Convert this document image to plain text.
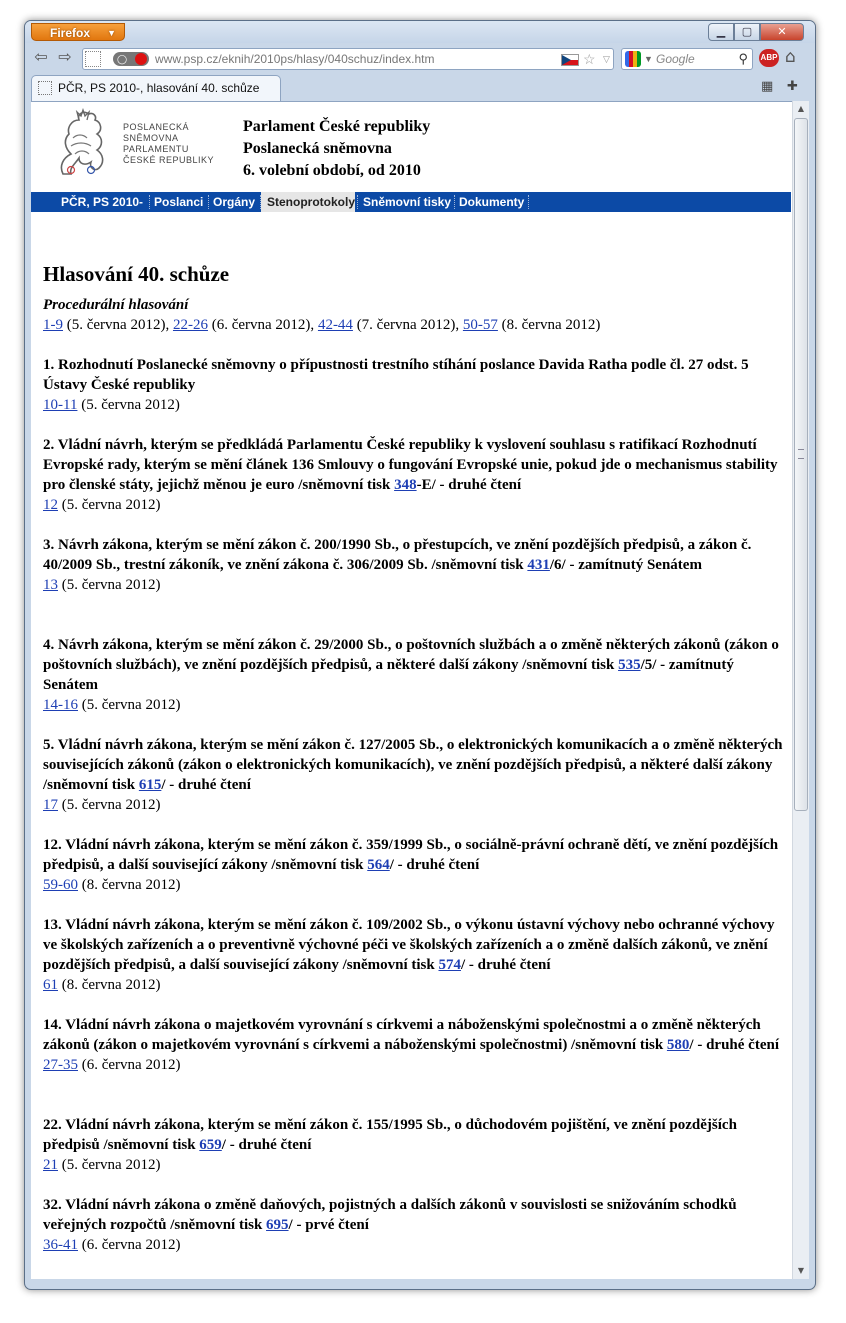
Firefox ▼	▁	▢	✕
⇦ ⇨	◯	www.psp.cz/eknih/2010ps/hlasy/040schuz/index.htm	☆ ▽	▼ Google	⚲ ABP ⌂
PČR, PS 2010-, hlasování 40. schůze	▦ ✚
POSLANECKÁ
SNĚMOVNA
PARLAMENTU
ČESKÉ REPUBLIKY
Parlament České republiky
Poslanecká sněmovna
6. volební období, od 2010
PČR, PS 2010- Poslanci Orgány Stenoprotokoly Sněmovní tisky Dokumenty
Hlasování 40. schůze
Procedurální hlasování
1-9 (5. června 2012), 22-26 (6. června 2012), 42-44 (7. června 2012), 50-57 (8. června 2012)
1. Rozhodnutí Poslanecké sněmovny o přípustnosti trestního stíhání poslance Davida Ratha podle čl. 27 odst. 5 Ústavy České republiky
10-11 (5. června 2012)
2. Vládní návrh, kterým se předkládá Parlamentu České republiky k vyslovení souhlasu s ratifikací Rozhodnutí Evropské rady, kterým se mění článek 136 Smlouvy o fungování Evropské unie, pokud jde o mechanismus stability pro členské státy, jejichž měnou je euro /sněmovní tisk 348-E/ - druhé čtení
12 (5. června 2012)
3. Návrh zákona, kterým se mění zákon č. 200/1990 Sb., o přestupcích, ve znění pozdějších předpisů, a zákon č. 40/2009 Sb., trestní zákoník, ve znění zákona č. 306/2009 Sb. /sněmovní tisk 431/6/ - zamítnutý Senátem
13 (5. června 2012)
4. Návrh zákona, kterým se mění zákon č. 29/2000 Sb., o poštovních službách a o změně některých zákonů (zákon o poštovních službách), ve znění pozdějších předpisů, a některé další zákony /sněmovní tisk 535/5/ - zamítnutý Senátem
14-16 (5. června 2012)
5. Vládní návrh zákona, kterým se mění zákon č. 127/2005 Sb., o elektronických komunikacích a o změně některých souvisejících zákonů (zákon o elektronických komunikacích), ve znění pozdějších předpisů, a některé další zákony /sněmovní tisk 615/ - druhé čtení
17 (5. června 2012)
12. Vládní návrh zákona, kterým se mění zákon č. 359/1999 Sb., o sociálně-právní ochraně dětí, ve znění pozdějších předpisů, a další související zákony /sněmovní tisk 564/ - druhé čtení
59-60 (8. června 2012)
13. Vládní návrh zákona, kterým se mění zákon č. 109/2002 Sb., o výkonu ústavní výchovy nebo ochranné výchovy ve školských zařízeních a o preventivně výchovné péči ve školských zařízeních a o změně dalších zákonů, ve znění pozdějších předpisů, a další související zákony /sněmovní tisk 574/ - druhé čtení
61 (8. června 2012)
14. Vládní návrh zákona o majetkovém vyrovnání s církvemi a náboženskými společnostmi a o změně některých zákonů (zákon o majetkovém vyrovnání s církvemi a náboženskými společnostmi) /sněmovní tisk 580/ - druhé čtení
27-35 (6. června 2012)
22. Vládní návrh zákona, kterým se mění zákon č. 155/1995 Sb., o důchodovém pojištění, ve znění pozdějších předpisů /sněmovní tisk 659/ - druhé čtení
21 (5. června 2012)
32. Vládní návrh zákona o změně daňových, pojistných a dalších zákonů v souvislosti se snižováním schodků veřejných rozpočtů /sněmovní tisk 695/ - prvé čtení
36-41 (6. června 2012)
▲
▼
